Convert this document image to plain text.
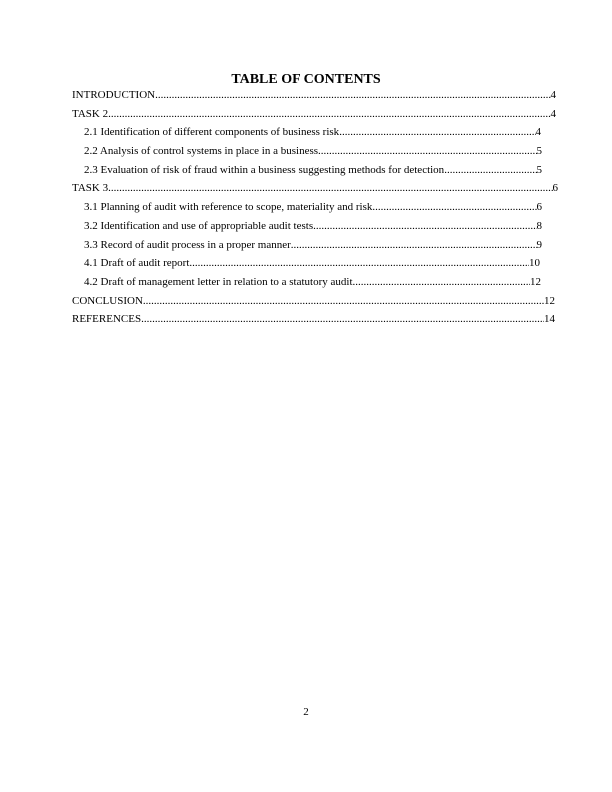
TABLE OF CONTENTS
INTRODUCTION .....	4
TASK 2 .....	4
2.1 Identification of different components of business risk .....	4
2.2 Analysis of control systems in place in a business .....	5
2.3 Evaluation of risk of fraud within a business suggesting methods for detection .....	5
TASK 3 .....	6
3.1 Planning of audit with reference to scope, materiality and risk .....	6
3.2 Identification and use of appropriable audit tests .....	8
3.3 Record of audit process in a proper manner .....	9
4.1 Draft of audit report .....	10
4.2 Draft of management letter in relation to a statutory audit .....	12
CONCLUSION .....	12
REFERENCES .....	14
2
